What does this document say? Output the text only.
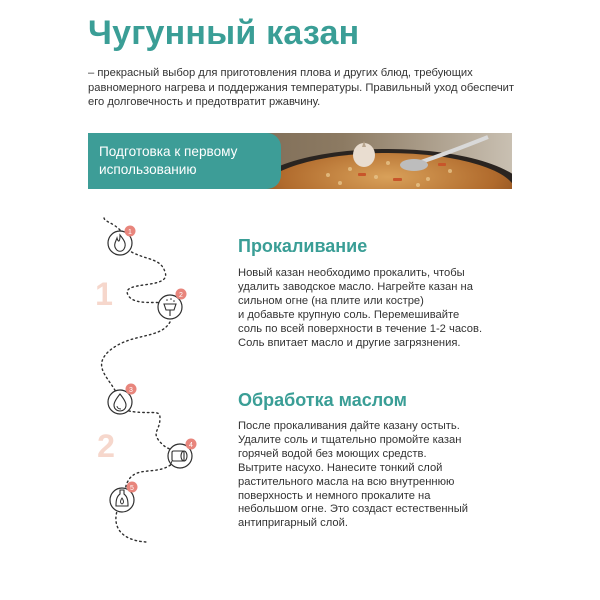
Чугунный казан
– прекрасный выбор для приготовления плова и других блюд, требующих равномерного нагрева и поддержания температуры. Правильный уход обеспечит его долговечность и предотвратит ржавчину.
Подготовка к первому использованию
1
2
3
4
5
1
2
Прокаливание
Новый казан необходимо прокалить, чтобы
удалить заводское масло. Нагрейте казан на
сильном огне (на плите или костре)
и добавьте крупную соль. Перемешивайте
соль по всей поверхности в течение 1-2 часов.
Соль впитает масло и другие загрязнения.
Обработка маслом
После прокаливания дайте казану остыть.
Удалите соль и тщательно промойте казан
горячей водой без моющих средств.
Вытрите насухо. Нанесите тонкий слой
растительного масла на всю внутреннюю
поверхность и немного прокалите на
небольшом огне. Это создаст естественный
антипригарный слой.
